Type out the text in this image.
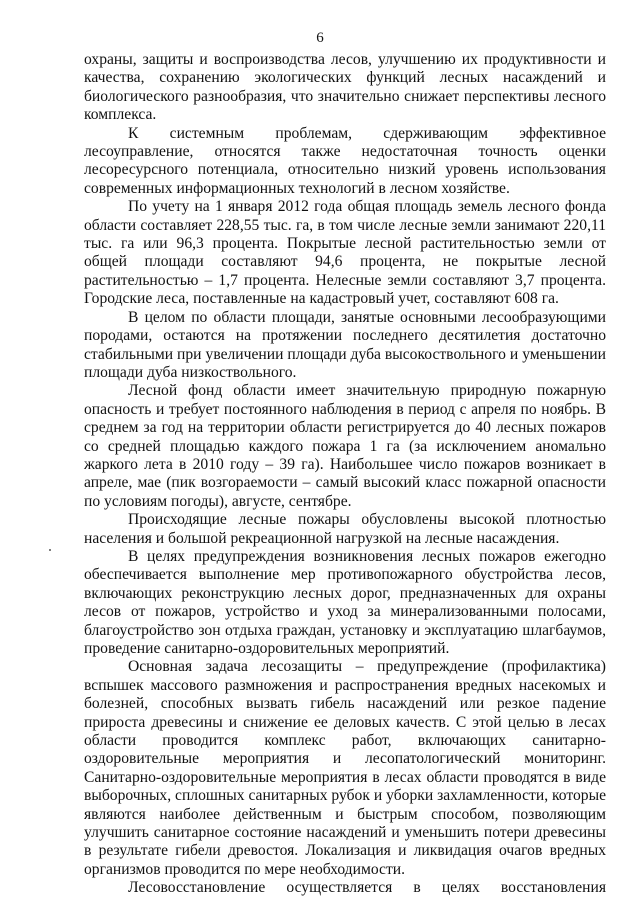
6

охраны, защиты и воспроизводства лесов, улучшению их продуктивности и качества, сохранению экологических функций лесных насаждений и биологического разнообразия, что значительно снижает перспективы лесного комплекса.

К системным проблемам, сдерживающим эффективное лесоуправление, относятся также недостаточная точность оценки лесоресурсного потенциала, относительно низкий уровень использования современных информационных технологий в лесном хозяйстве.

По учету на 1 января 2012 года общая площадь земель лесного фонда области составляет 228,55 тыс. га, в том числе лесные земли занимают 220,11 тыс. га или 96,3 процента. Покрытые лесной растительностью земли от общей площади составляют 94,6 процента, не покрытые лесной растительностью – 1,7 процента. Нелесные земли составляют 3,7 процента. Городские леса, поставленные на кадастровый учет, составляют 608 га.

В целом по области площади, занятые основными лесообразующими породами, остаются на протяжении последнего десятилетия достаточно стабильными при увеличении площади дуба высокоствольного и уменьшении площади дуба низкоствольного.

Лесной фонд области имеет значительную природную пожарную опасность и требует постоянного наблюдения в период с апреля по ноябрь. В среднем за год на территории области регистрируется до 40 лесных пожаров со средней площадью каждого пожара 1 га (за исключением аномально жаркого лета в 2010 году – 39 га). Наибольшее число пожаров возникает в апреле, мае (пик возгораемости – самый высокий класс пожарной опасности по условиям погоды), августе, сентябре.

Происходящие лесные пожары обусловлены высокой плотностью населения и большой рекреационной нагрузкой на лесные насаждения.

В целях предупреждения возникновения лесных пожаров ежегодно обеспечивается выполнение мер противопожарного обустройства лесов, включающих реконструкцию лесных дорог, предназначенных для охраны лесов от пожаров, устройство и уход за минерализованными полосами, благоустройство зон отдыха граждан, установку и эксплуатацию шлагбаумов, проведение санитарно-оздоровительных мероприятий.

Основная задача лесозащиты – предупреждение (профилактика) вспышек массового размножения и распространения вредных насекомых и болезней, способных вызвать гибель насаждений или резкое падение прироста древесины и снижение ее деловых качеств. С этой целью в лесах области проводится комплекс работ, включающих санитарно-оздоровительные мероприятия и лесопатологический мониторинг. Санитарно-оздоровительные мероприятия в лесах области проводятся в виде выборочных, сплошных санитарных рубок и уборки захламленности, которые являются наиболее действенным и быстрым способом, позволяющим улучшить санитарное состояние насаждений и уменьшить потери древесины в результате гибели древостоя. Локализация и ликвидация очагов вредных организмов проводится по мере необходимости.

Лесовосстановление осуществляется в целях восстановления
